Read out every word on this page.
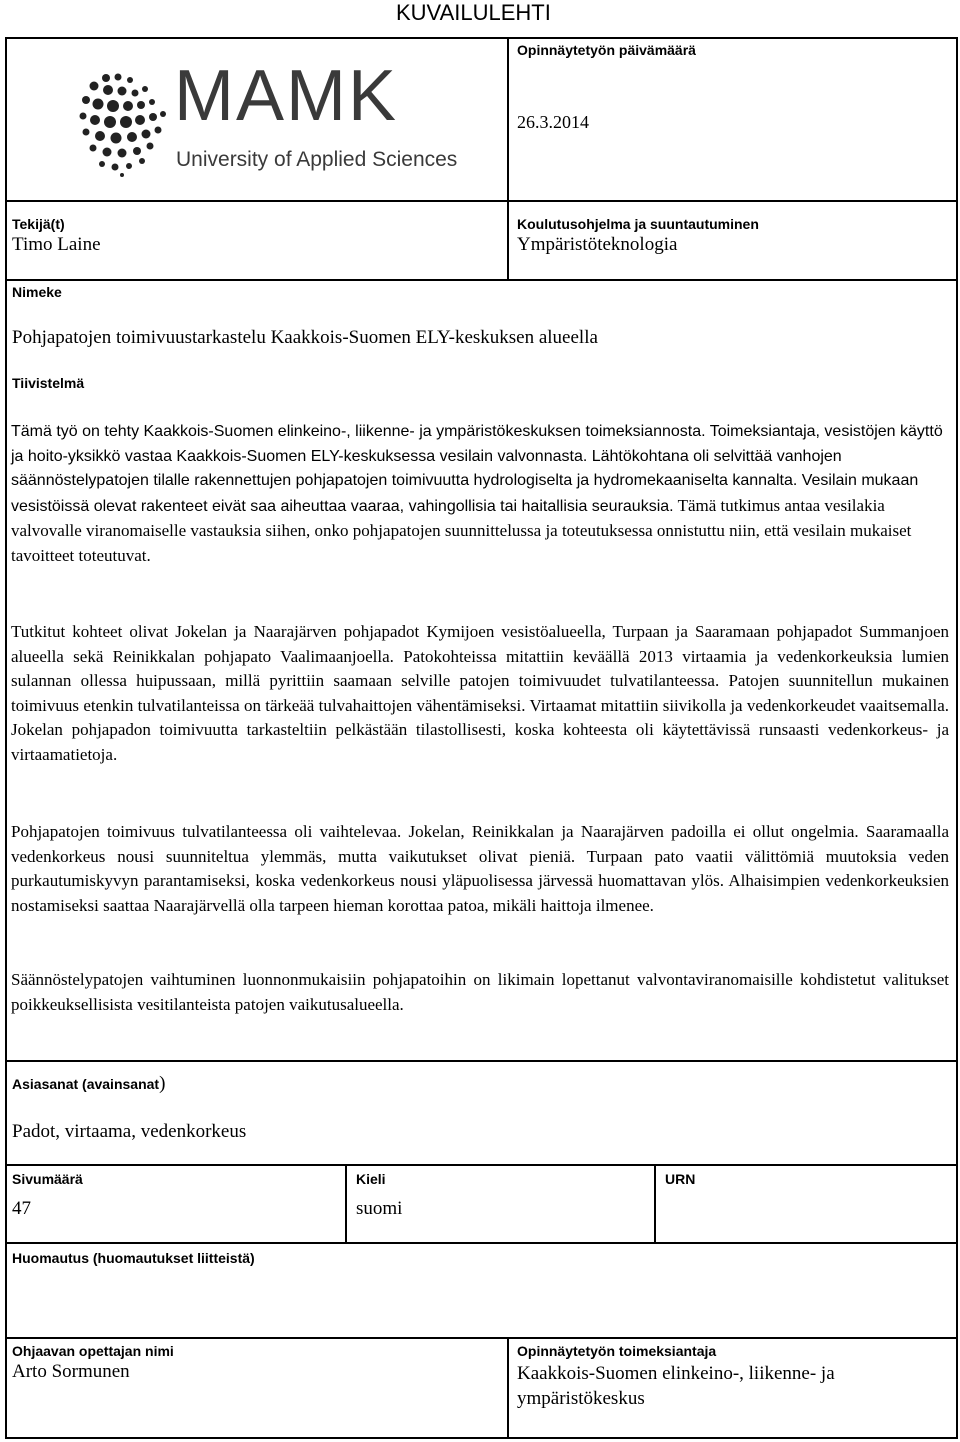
KUVAILULEHTI
MAMK
University of Applied Sciences
Opinnäytetyön päivämäärä
26.3.2014
Tekijä(t)
Timo Laine
Koulutusohjelma ja suuntautuminen
Ympäristöteknologia
Nimeke
Pohjapatojen toimivuustarkastelu Kaakkois-Suomen ELY-keskuksen alueella
Tiivistelmä

Tämä työ on tehty Kaakkois-Suomen elinkeino-, liikenne- ja ympäristökeskuksen toimeksiannosta. Toimeksiantaja, vesistöjen käyttö ja hoito-yksikkö vastaa Kaakkois-Suomen ELY-keskuksessa vesilain valvonnasta. Lähtökohtana oli selvittää vanhojen säännöstelypatojen tilalle rakennettujen pohjapatojen toimivuutta hydrologiselta ja hydromekaaniselta kannalta. Vesilain mukaan vesistöissä olevat rakenteet eivät saa aiheuttaa vaaraa, vahingollisia tai haitallisia seurauksia. Tämä tutkimus antaa vesilakia valvovalle viranomaiselle vastauksia siihen, onko pohjapatojen suunnittelussa ja toteutuksessa onnistuttu niin, että vesilain mukaiset tavoitteet toteutuvat.

Tutkitut kohteet olivat Jokelan ja Naarajärven pohjapadot Kymijoen vesistöalueella, Turpaan ja Saaramaan pohjapadot Summanjoen alueella sekä Reinikkalan pohjapato Vaalimaanjoella. Patokohteissa mitattiin keväällä 2013 virtaamia ja vedenkorkeuksia lumien sulannan ollessa huipussaan, millä pyrittiin saamaan selville patojen toimivuudet tulvatilanteessa. Patojen suunnitellun mukainen toimivuus etenkin tulvatilanteissa on tärkeää tulvahaittojen vähentämiseksi. Virtaamat mitattiin siivikolla ja vedenkorkeudet vaaitsemalla. Jokelan pohjapadon toimivuutta tarkasteltiin pelkästään tilastollisesti, koska kohteesta oli käytettävissä runsaasti vedenkorkeus- ja virtaamatietoja.

Pohjapatojen toimivuus tulvatilanteessa oli vaihtelevaa. Jokelan, Reinikkalan ja Naarajärven padoilla ei ollut ongelmia. Saaramaalla vedenkorkeus nousi suunniteltua ylemmäs, mutta vaikutukset olivat pieniä. Turpaan pato vaatii välittömiä muutoksia veden purkautumiskyvyn parantamiseksi, koska vedenkorkeus nousi yläpuolisessa järvessä huomattavan ylös. Alhaisimpien vedenkorkeuksien nostamiseksi saattaa Naarajärvellä olla tarpeen hieman korottaa patoa, mikäli haittoja ilmenee.

Säännöstelypatojen vaihtuminen luonnonmukaisiin pohjapatoihin on likimain lopettanut valvontaviranomaisille kohdistetut valitukset poikkeuksellisista vesitilanteista patojen vaikutusalueella.

Asiasanat (avainsanat)
Padot, virtaama, vedenkorkeus
Sivumäärä
47
Kieli
suomi
URN
Huomautus (huomautukset liitteistä)
Ohjaavan opettajan nimi
Arto Sormunen
Opinnäytetyön toimeksiantaja
Kaakkois-Suomen elinkeino-, liikenne- ja ympäristökeskus
